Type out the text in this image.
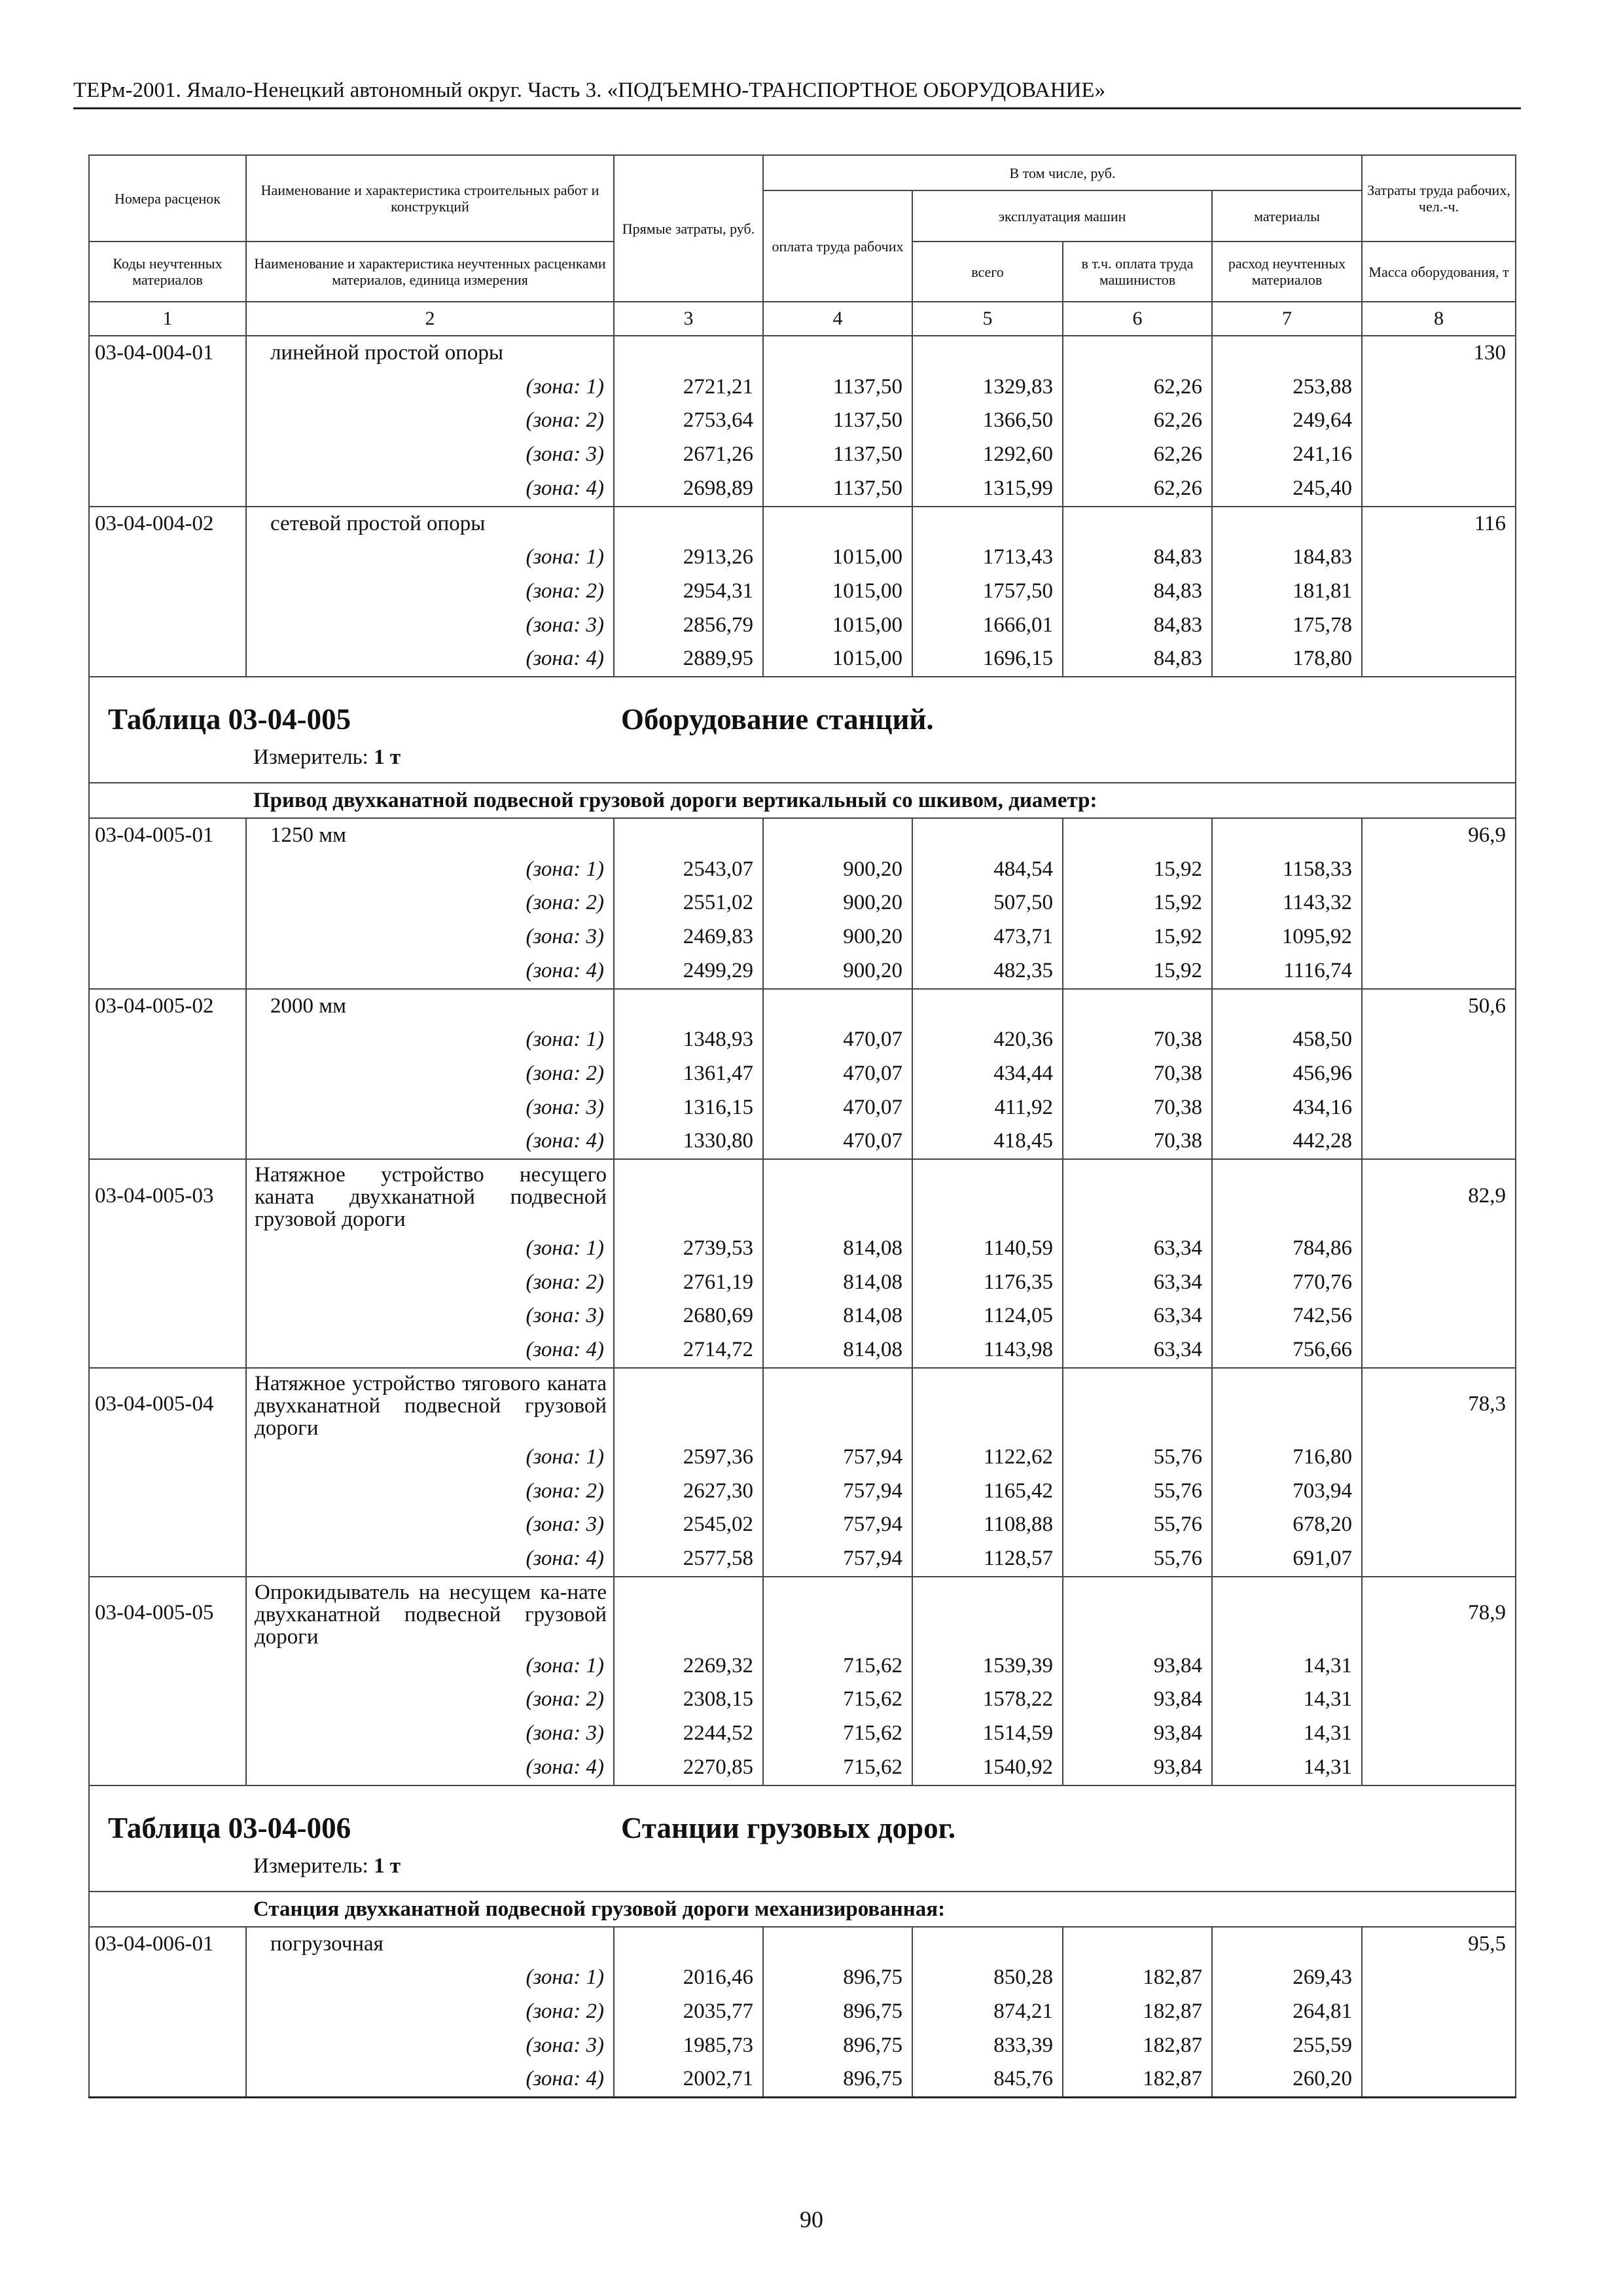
ТЕРм-2001. Ямало-Ненецкий автономный округ. Часть 3. «ПОДЪЕМНО-ТРАНСПОРТНОЕ ОБОРУДОВАНИЕ»
Номера расценок	Наименование и характеристика строительных работ и конструкций	Прямые затраты, руб.	В том числе, руб.				Затраты труда рабочих, чел.-ч.
			оплата труда рабочих	эксплуатация машин		материалы	
Коды неучтенных материалов	Наименование и характеристика неучтенных расценками материалов, единица измерения			всего	в т.ч. оплата труда машинистов	расход неучтенных материалов	Масса оборудования, т
1	2	3	4	5	6	7	8
03-04-004-01	линейной простой опоры						130
	(зона: 1)	2721,21	1137,50	1329,83	62,26	253,88	
	(зона: 2)	2753,64	1137,50	1366,50	62,26	249,64	
	(зона: 3)	2671,26	1137,50	1292,60	62,26	241,16	
	(зона: 4)	2698,89	1137,50	1315,99	62,26	245,40	
03-04-004-02	сетевой простой опоры						116
	(зона: 1)	2913,26	1015,00	1713,43	84,83	184,83	
	(зона: 2)	2954,31	1015,00	1757,50	84,83	181,81	
	(зона: 3)	2856,79	1015,00	1666,01	84,83	175,78	
	(зона: 4)	2889,95	1015,00	1696,15	84,83	178,80	

Таблица 03-04-005 Оборудование станций.
Измеритель: 1 т							

Привод двухканатной подвесной грузовой дороги вертикальный со шкивом, диаметр:							

03-04-005-01	1250 мм						96,9
	(зона: 1)	2543,07	900,20	484,54	15,92	1158,33	
	(зона: 2)	2551,02	900,20	507,50	15,92	1143,32	
	(зона: 3)	2469,83	900,20	473,71	15,92	1095,92	
	(зона: 4)	2499,29	900,20	482,35	15,92	1116,74	
03-04-005-02	2000 мм						50,6
	(зона: 1)	1348,93	470,07	420,36	70,38	458,50	
	(зона: 2)	1361,47	470,07	434,44	70,38	456,96	
	(зона: 3)	1316,15	470,07	411,92	70,38	434,16	
	(зона: 4)	1330,80	470,07	418,45	70,38	442,28	
03-04-005-03	Натяжное устройство несущего каната двухканатной подвесной грузовой дороги						82,9
	(зона: 1)	2739,53	814,08	1140,59	63,34	784,86	
	(зона: 2)	2761,19	814,08	1176,35	63,34	770,76	
	(зона: 3)	2680,69	814,08	1124,05	63,34	742,56	
	(зона: 4)	2714,72	814,08	1143,98	63,34	756,66	
03-04-005-04	Натяжное устройство тягового каната двухканатной подвесной грузовой дороги						78,3
	(зона: 1)	2597,36	757,94	1122,62	55,76	716,80	
	(зона: 2)	2627,30	757,94	1165,42	55,76	703,94	
	(зона: 3)	2545,02	757,94	1108,88	55,76	678,20	
	(зона: 4)	2577,58	757,94	1128,57	55,76	691,07	
03-04-005-05	Опрокидыватель на несущем ка-нате двухканатной подвесной грузовой дороги						78,9
	(зона: 1)	2269,32	715,62	1539,39	93,84	14,31	
	(зона: 2)	2308,15	715,62	1578,22	93,84	14,31	
	(зона: 3)	2244,52	715,62	1514,59	93,84	14,31	
	(зона: 4)	2270,85	715,62	1540,92	93,84	14,31	

Таблица 03-04-006 Станции грузовых дорог.
Измеритель: 1 т							

Станция двухканатной подвесной грузовой дороги механизированная:							

03-04-006-01	погрузочная						95,5
	(зона: 1)	2016,46	896,75	850,28	182,87	269,43	
	(зона: 2)	2035,77	896,75	874,21	182,87	264,81	
	(зона: 3)	1985,73	896,75	833,39	182,87	255,59	
	(зона: 4)	2002,71	896,75	845,76	182,87	260,20	
90
